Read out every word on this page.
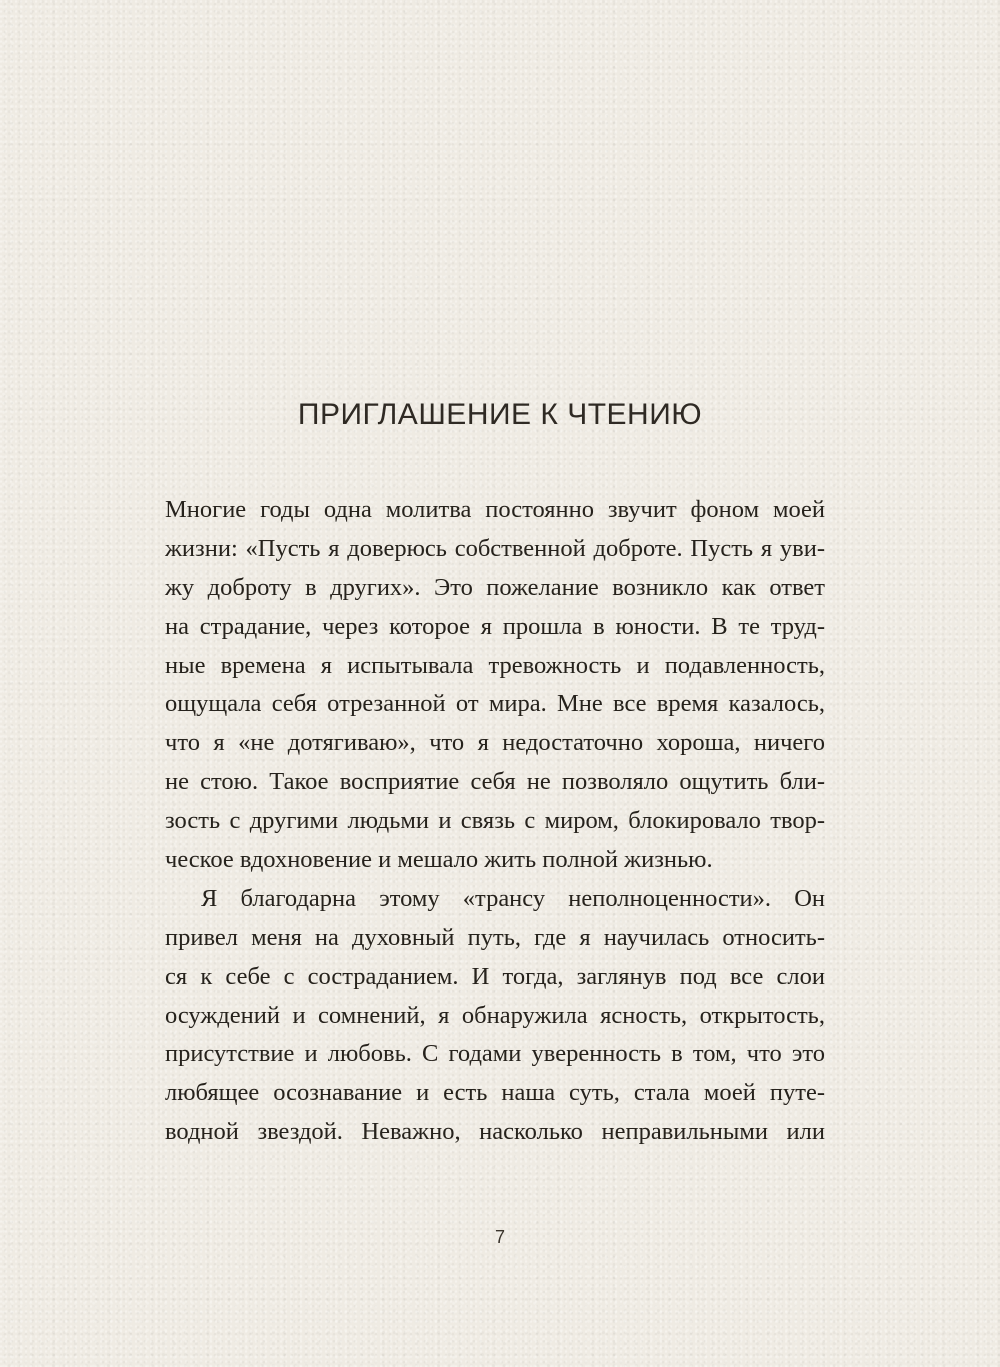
ПРИГЛАШЕНИЕ К ЧТЕНИЮ
Многие годы одна молитва постоянно звучит фоном моей
жизни: «Пусть я доверюсь собственной доброте. Пусть я уви-
жу доброту в других». Это пожелание возникло как ответ
на страдание, через которое я прошла в юности. В те труд-
ные времена я испытывала тревожность и подавленность,
ощущала себя отрезанной от мира. Мне все время казалось,
что я «не дотягиваю», что я недостаточно хороша, ничего
не стою. Такое восприятие себя не позволяло ощутить бли-
зость с другими людьми и связь с миром, блокировало твор-
ческое вдохновение и мешало жить полной жизнью.
Я благодарна этому «трансу неполноценности». Он
привел меня на духовный путь, где я научилась относить-
ся к себе с состраданием. И тогда, заглянув под все слои
осуждений и сомнений, я обнаружила ясность, открытость,
присутствие и любовь. С годами уверенность в том, что это
любящее осознавание и есть наша суть, стала моей путе-
водной звездой. Неважно, насколько неправильными или
7
